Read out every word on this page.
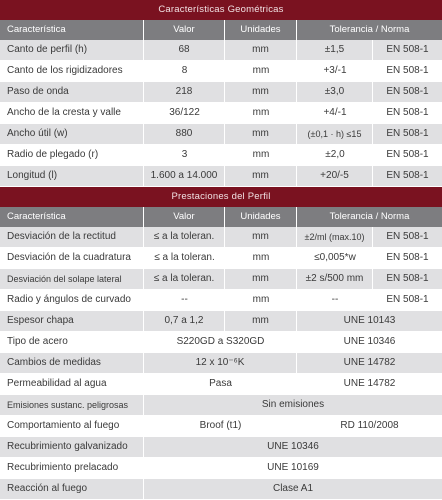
Características Geométricas
Característica	Valor	Unidades	Tolerancia / Norma
Canto de perfil (h)	68	mm	±1,5	EN 508-1
Canto de los rigidizadores	8	mm	+3/-1	EN 508-1
Paso de onda	218	mm	±3,0	EN 508-1
Ancho de la cresta y valle	36/122	mm	+4/-1	EN 508-1
Ancho útil (w)	880	mm	(±0,1 · h) ≤15	EN 508-1
Radio de plegado (r)	3	mm	±2,0	EN 508-1
Longitud (l)	1.600 a 14.000	mm	+20/-5	EN 508-1
Prestaciones del Perfil
Característica	Valor	Unidades	Tolerancia / Norma
Desviación de la rectitud	≤ a la toleran.	mm	±2/ml (max.10)	EN 508-1
Desviación de la cuadratura	≤ a la toleran.	mm	≤0,005*w	EN 508-1
Desviación del solape lateral	≤ a la toleran.	mm	±2 s/500 mm	EN 508-1
Radio y ángulos de curvado	--	mm	--	EN 508-1
Espesor chapa	0,7 a 1,2	mm	UNE 10143
Tipo de acero	S220GD a S320GD	UNE 10346
Cambios de medidas	12 x 10⁻⁶K	UNE 14782
Permeabilidad al agua	Pasa	UNE 14782
Emisiones sustanc. peligrosas	Sin emisiones
Comportamiento al fuego	Broof (t1)	RD 110/2008
Recubrimiento galvanizado	UNE 10346
Recubrimiento prelacado	UNE 10169
Reacción al fuego	Clase A1
